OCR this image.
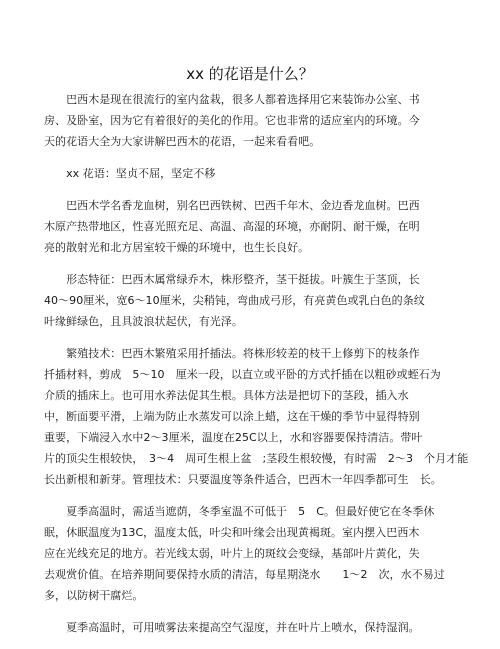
xx 的花语是什么？

　　巴西木是现在很流行的室内盆栽，很多人都着选择用它来装饰办公室、书

房、及卧室，因为它有着很好的美化的作用。它也非常的适应室内的环境。今

天的花语大全为大家讲解巴西木的花语，一起来看看吧。

　　xx 花语：坚贞不屈，坚定不移

　　巴西木学名香龙血树，别名巴西铁树、巴西千年木、金边香龙血树。巴西

木原产热带地区，性喜光照充足、高温、高湿的环境，亦耐阴、耐干燥，在明

亮的散射光和北方居室较干燥的环境中，也生长良好。

　　形态特征：巴西木属常绿乔木，株形整齐，茎干挺拔。叶簇生于茎顶，长

40～90厘米，宽6～10厘米，尖稍钝，弯曲成弓形，有亮黄色或乳白色的条纹

叶缘鲜绿色，且具波浪状起伏，有光泽。

　　繁殖技术：巴西木繁殖采用扦插法。将株形较差的枝干上修剪下的枝条作

扦插材料，剪成　5～10　厘米一段，以直立或平卧的方式扦插在以粗砂或蛭石为

介质的插床上。也可用水养法促其生根。具体方法是把切下的茎段，插入水

中，断面要平滑，上端为防止水蒸发可以涂上蜡，这在干燥的季节中显得特别

重要，下端浸入水中2～3厘米，温度在25C以上，水和容器要保持清洁。带叶

片的顶尖生根较快，　3～4　周可生根上盆　;茎段生根较慢，有时需　2～3　个月才能

长出新根和新芽。管理技术：只要温度等条件适合，巴西木一年四季都可生　长。

　　夏季高温时，需适当遮荫，冬季室温不可低于　5　C。但最好使它在冬季休

眠，休眠温度为13C，温度太低，叶尖和叶缘会出现黄褐斑。室内摆入巴西木

应在光线充足的地方。若光线太弱，叶片上的斑纹会变绿，基部叶片黄化，失

去观赏价值。在培养期间要保持水质的清洁，每星期浇水　　1～2　次，水不易过

多，以防树干腐烂。

　　夏季高温时，可用喷雾法来提高空气湿度，并在叶片上喷水，保持湿润。
